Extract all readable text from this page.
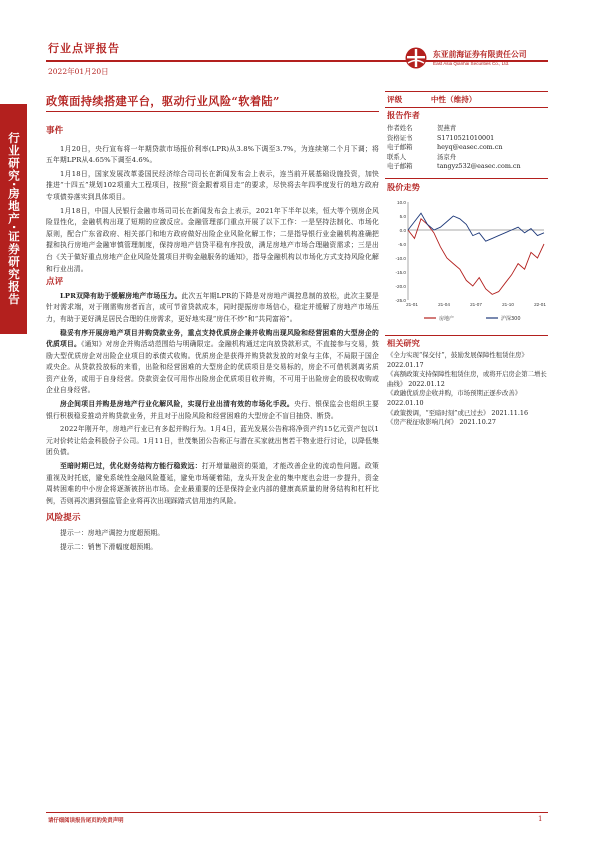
行业点评报告
2022年01月20日
东亚前海证券有限责任公司
East Asia Qianhai Securities Co., Ltd.
行业研究·房地产·证券研究报告
政策面持续搭建平台，驱动行业风险“软着陆”
事件

1月20日，央行宣布将一年期贷款市场报价利率(LPR)从3.8%下调至3.7%，为连续第二个月下调；将五年期LPR从4.65%下调至4.6%。

1月18日，国家发展改革委国民经济综合司司长在新闻发布会上表示，连当前开展基础设施投资，加快推进“十四五”规划102项重大工程项目，按照“资金跟着项目走”的要求，尽快将去年四季度发行的地方政府专项债券落实到具体项目。

1月18日，中国人民银行金融市场司司长在新闻发布会上表示，2021年下半年以来，恒大等个别房企风险显性化，金融机构出现了短期的应激反应。金融管理部门重点开展了以下工作：一是坚持法制化、市场化原则，配合广东省政府、相关部门和地方政府做好出险企业风险化解工作；二是指导银行业金融机构准确把握和执行房地产金融审慎管理制度，保持房地产信贷平稳有序投放，满足房地产市场合理融资需求；三是出台《关于做好重点房地产企业风险处置项目并购金融服务的通知》，指导金融机构以市场化方式支持风险化解和行业出清。

点评

LPR双降有助于缓解房地产市场压力。此次五年期LPR的下降是对房地产调控息制的放松，此次主要是针对需求端，对于刚需购房者而言，或可节省贷款成本，同时提振房市场信心，稳定并缓解了房地产市场压力，有助于更好满足居民合理的住房需求，更好地实现“房住不炒”和“共同富裕”。

稳妥有序开展房地产项目并购贷款业务，重点支持优质房企兼并收购出现风险和经营困难的大型房企的优质项目。《通知》对房企并购活动范围给与明确限定。金融机构通过定向放贷款形式，不直接参与交易，鼓励大型优质房企对出险企业项目的承债式收购。优质房企是获得并购贷款发放的对象与主体，不局限于国企或央企。从贷款投放标的来看，出险和经营困难的大型房企的优质项目是交易标的，房企不可借机剥离劣质资产业务，或用于自身经营。贷款资金仅可用作出险房企优质项目收并购，不可用于出险房企的股权收购或企业自身经营。

房企间项目并购是房地产行业化解风险，实现行业出清有效的市场化手段。央行、银保监会也组织主要银行积极稳妥推动并购贷款业务，并且对于出险风险和经营困难的大型房企不盲目抽贷、断贷。

2022年刚开年，房地产行业已有多起并购行为。1月4日，蓝光发展公告称将净资产约15亿元资产包以1元对价转让给金科股份子公司。1月11日，世茂集团公告称正与潜在买家就出售若干物业进行讨论，以降低集团负债。

至暗时期已过，优化财务结构方能行稳致远：打开增量融资的渠道，才能改善企业的流动性问题。政策重视及时托底，避免系统性金融风险蔓延，避免市场硬着陆，龙头开发企业的集中度也会进一步提升，资金周转困难的中小房企将逐渐被挤出市场。企业最重要的还是保持企业内部的健康高质量的财务结构和杠杆比例，否则再次遇到强监管企业将再次出现踩踏式信用违约风险。

风险提示

提示一：房地产调控力度超预期。

提示二：销售下滑幅度超预期。

评级	中性（维持）
报告作者
作者姓名	贺燕青
资格证书	S1710521010001
电子邮箱	heyq@easec.com.cn
联系人	汤京舟
电子邮箱	tangyz532@easec.com.cn
股价走势
10.0
5.0
0.0
-5.0
-10.0
-15.0
-20.0
-25.0
21-01	21-04	21-07	21-10	22-01
房地产	沪深300
相关研究
《全力实现“保交付”，鼓励发展保障性租赁住房》 2022.01.17
《高额政策支持保障性租赁住房，或将开启房企第二增长曲线》 2022.01.12
《政融优质房企收并购，市场预期正逐步改善》 2022.01.10
《政策拨调，“至暗时刻”或已过去》 2021.11.16
《房产税征收影响几何》 2021.10.27
请仔细阅读报告尾页的免责声明	1
